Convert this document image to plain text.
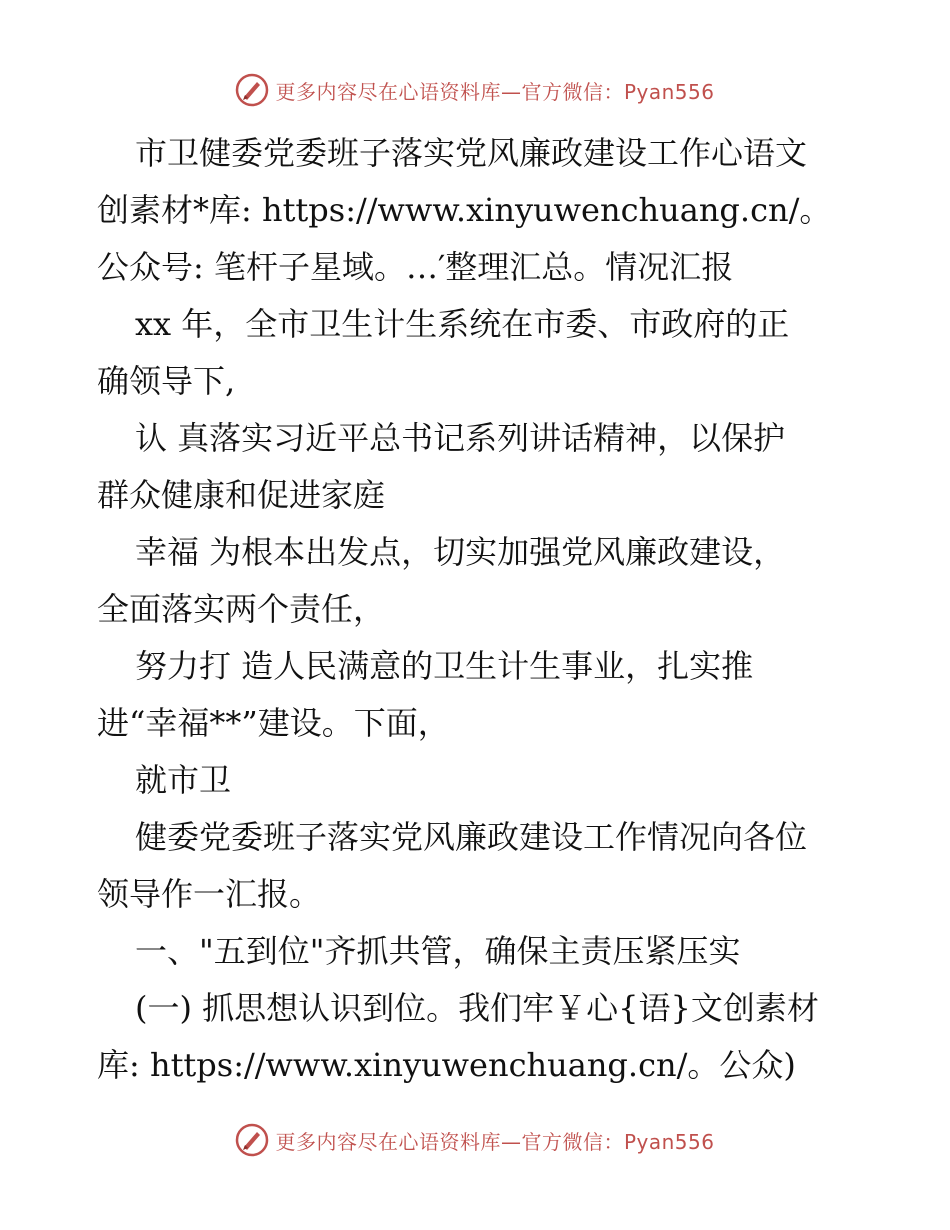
更多内容尽在心语资料库—官方微信：Pyan556

市卫健委党委班子落实党风廉政建设工作心语文
创素材*库: https://www.xinyuwenchuang.cn/。
公众号: 笔杆子星域。…′整理汇总。情况汇报
xx 年，全市卫生计生系统在市委、市政府的正
确领导下,
认 真落实习近平总书记系列讲话精神，以保护
群众健康和促进家庭
幸福 为根本出发点，切实加强党风廉政建设，
全面落实两个责任，
努力打 造人民满意的卫生计生事业，扎实推
进“幸福**”建设。下面，
就市卫
健委党委班子落实党风廉政建设工作情况向各位
领导作一汇报。
一、"五到位"齐抓共管，确保主责压紧压实
(一) 抓思想认识到位。我们牢￥心{语}文创素材
库: https://www.xinyuwenchuang.cn/。公众)

更多内容尽在心语资料库—官方微信：Pyan556
